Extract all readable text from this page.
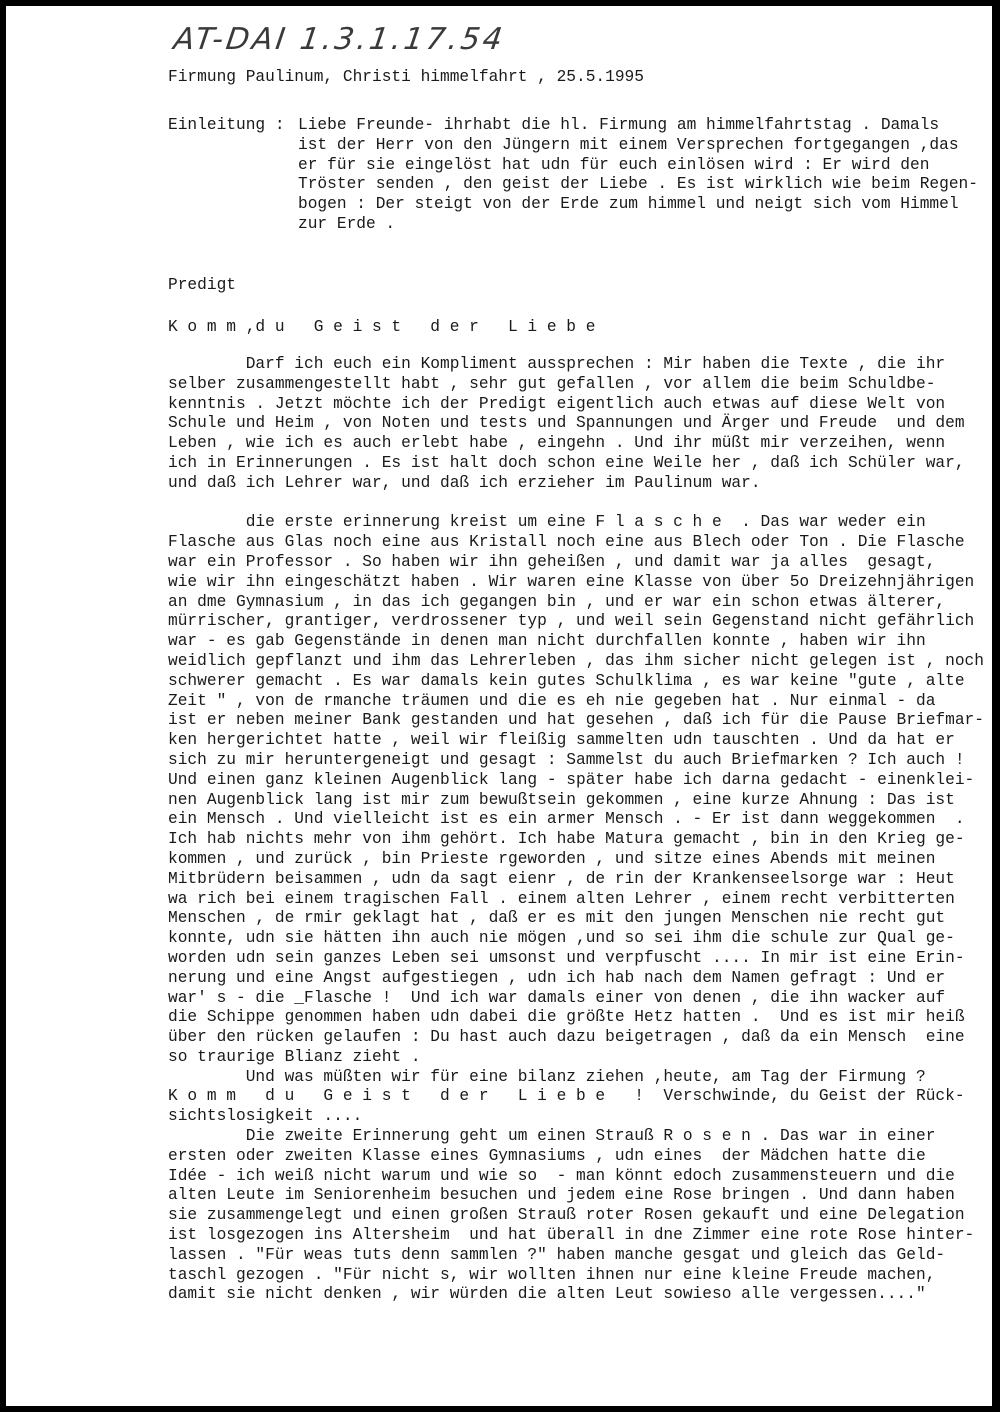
AT-DAI 1.3.1.17.54
Firmung Paulinum, Christi himmelfahrt , 25.5.1995
Einleitung : Liebe Freunde- ihrhabt die hl. Firmung am himmelfahrtstag . Damals
ist der Herr von den Jüngern mit einem Versprechen fortgegangen ,das
er für sie eingelöst hat udn für euch einlösen wird : Er wird den
Tröster senden , den geist der Liebe . Es ist wirklich wie beim Regen-
bogen : Der steigt von der Erde zum himmel und neigt sich vom Himmel
zur Erde .
Predigt
K o m m ,d u   G e i s t   d e r   L i e b e
Darf ich euch ein Kompliment aussprechen : Mir haben die Texte , die ihr
selber zusammengestellt habt , sehr gut gefallen , vor allem die beim Schuldbe-
kenntnis . Jetzt möchte ich der Predigt eigentlich auch etwas auf diese Welt von
Schule und Heim , von Noten und tests und Spannungen und Ärger und Freude  und dem
Leben , wie ich es auch erlebt habe , eingehn . Und ihr müßt mir verzeihen, wenn
ich in Erinnerungen . Es ist halt doch schon eine Weile her , daß ich Schüler war,
und daß ich Lehrer war, und daß ich erzieher im Paulinum war.

die erste erinnerung kreist um eine F l a s c h e  . Das war weder ein
Flasche aus Glas noch eine aus Kristall noch eine aus Blech oder Ton . Die Flasche
war ein Professor . So haben wir ihn geheißen , und damit war ja alles  gesagt,
wie wir ihn eingeschätzt haben . Wir waren eine Klasse von über 5o Dreizehnjährigen
an dme Gymnasium , in das ich gegangen bin , und er war ein schon etwas älterer,
mürrischer, grantiger, verdrossener typ , und weil sein Gegenstand nicht gefährlich
war - es gab Gegenstände in denen man nicht durchfallen konnte , haben wir ihn
weidlich gepflanzt und ihm das Lehrerleben , das ihm sicher nicht gelegen ist , noch
schwerer gemacht . Es war damals kein gutes Schulklima , es war keine "gute , alte
Zeit " , von de rmanche träumen und die es eh nie gegeben hat . Nur einmal - da
ist er neben meiner Bank gestanden und hat gesehen , daß ich für die Pause Briefmar-
ken hergerichtet hatte , weil wir fleißig sammelten udn tauschten . Und da hat er
sich zu mir heruntergeneigt und gesagt : Sammelst du auch Briefmarken ? Ich auch !
Und einen ganz kleinen Augenblick lang - später habe ich darna gedacht - einenklei-
nen Augenblick lang ist mir zum bewußtsein gekommen , eine kurze Ahnung : Das ist
ein Mensch . Und vielleicht ist es ein armer Mensch . - Er ist dann weggekommen  .
Ich hab nichts mehr von ihm gehört. Ich habe Matura gemacht , bin in den Krieg ge-
kommen , und zurück , bin Prieste rgeworden , und sitze eines Abends mit meinen
Mitbrüdern beisammen , udn da sagt eienr , de rin der Krankenseelsorge war : Heut
wa rich bei einem tragischen Fall . einem alten Lehrer , einem recht verbitterten
Menschen , de rmir geklagt hat , daß er es mit den jungen Menschen nie recht gut
konnte, udn sie hätten ihn auch nie mögen ,und so sei ihm die schule zur Qual ge-
worden udn sein ganzes Leben sei umsonst und verpfuscht .... In mir ist eine Erin-
nerung und eine Angst aufgestiegen , udn ich hab nach dem Namen gefragt : Und er
war' s - die _Flasche !  Und ich war damals einer von denen , die ihn wacker auf
die Schippe genommen haben udn dabei die größte Hetz hatten .  Und es ist mir heiß
über den rücken gelaufen : Du hast auch dazu beigetragen , daß da ein Mensch  eine
so traurige Blianz zieht .
Und was müßten wir für eine bilanz ziehen ,heute, am Tag der Firmung ?
K o m m   d u   G e i s t   d e r   L i e b e   !  Verschwinde, du Geist der Rück-
sichtslosigkeit ....
Die zweite Erinnerung geht um einen Strauß R o s e n . Das war in einer
ersten oder zweiten Klasse eines Gymnasiums , udn eines  der Mädchen hatte die
Idée - ich weiß nicht warum und wie so  - man könnt edoch zusammensteuern und die
alten Leute im Seniorenheim besuchen und jedem eine Rose bringen . Und dann haben
sie zusammengelegt und einen großen Strauß roter Rosen gekauft und eine Delegation
ist losgezogen ins Altersheim  und hat überall in dne Zimmer eine rote Rose hinter-
lassen . "Für weas tuts denn sammlen ?" haben manche gesgat und gleich das Geld-
taschl gezogen . "Für nicht s, wir wollten ihnen nur eine kleine Freude machen,
damit sie nicht denken , wir würden die alten Leut sowieso alle vergessen...."
